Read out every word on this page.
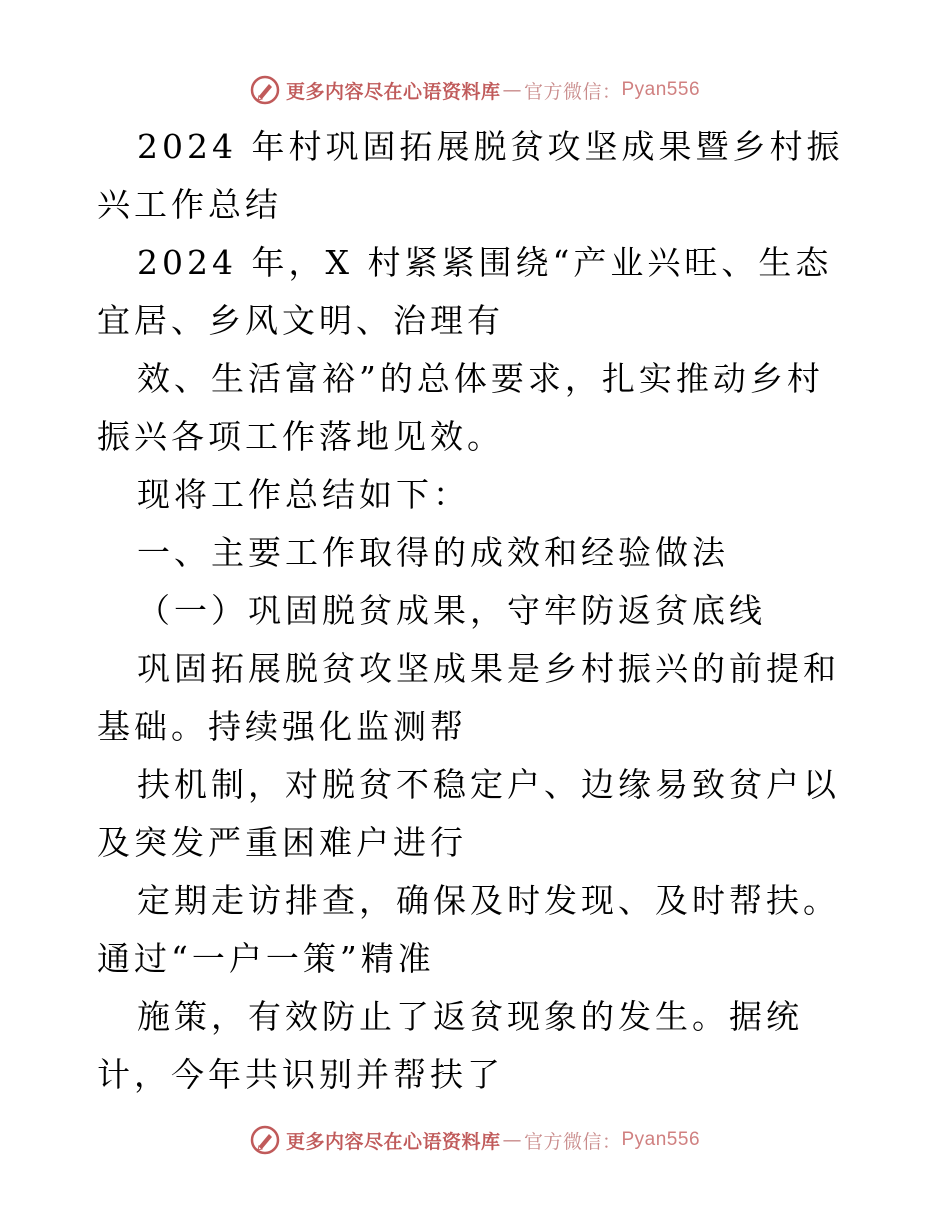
更多内容尽在心语资料库 — 官方微信： Pyan556

2024 年村巩固拓展脱贫攻坚成果暨乡村振兴工作总结

2024 年，X 村紧紧围绕“产业兴旺、生态宜居、乡风文明、治理有

效、生活富裕”的总体要求，扎实推动乡村振兴各项工作落地见效。

现将工作总结如下：

一、主要工作取得的成效和经验做法

（一）巩固脱贫成果，守牢防返贫底线

巩固拓展脱贫攻坚成果是乡村振兴的前提和基础。持续强化监测帮

扶机制，对脱贫不稳定户、边缘易致贫户以及突发严重困难户进行

定期走访排查，确保及时发现、及时帮扶。通过“一户一策”精准

施策，有效防止了返贫现象的发生。据统计，今年共识别并帮扶了

更多内容尽在心语资料库 — 官方微信： Pyan556
